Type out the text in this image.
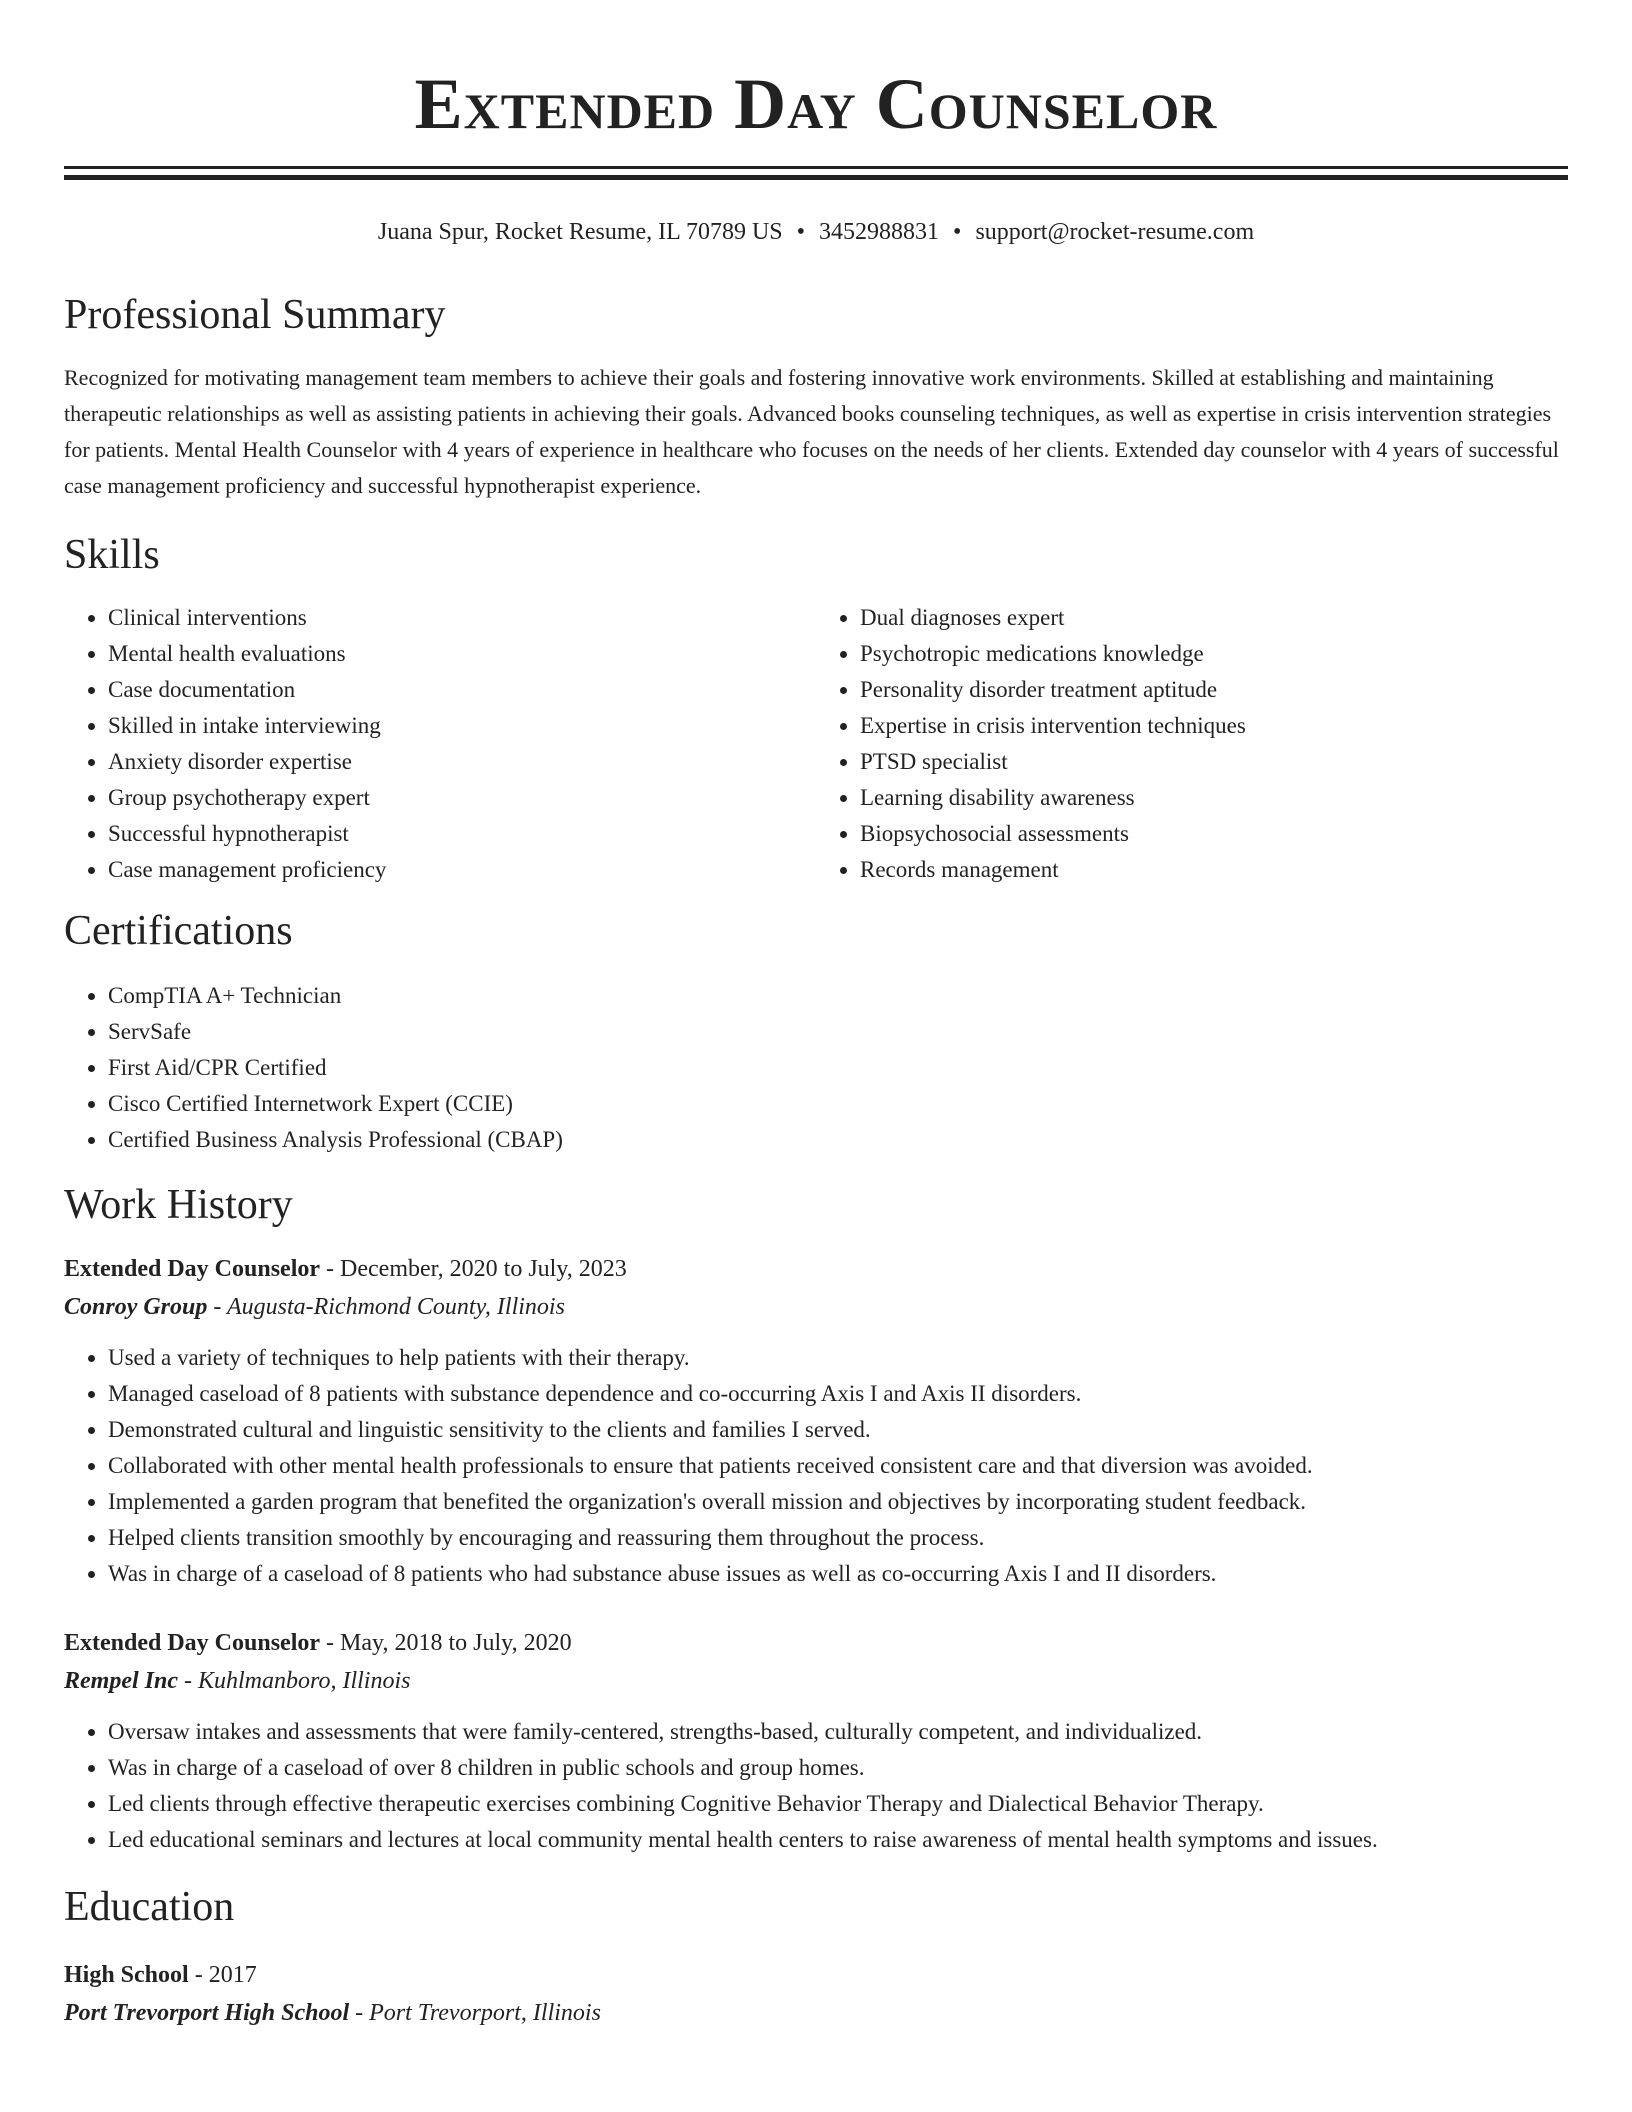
Extended Day Counselor
Juana Spur, Rocket Resume, IL 70789 US • 3452988831 • support@rocket-resume.com
Professional Summary

Recognized for motivating management team members to achieve their goals and fostering innovative work environments. Skilled at establishing and maintaining therapeutic relationships as well as assisting patients in achieving their goals. Advanced books counseling techniques, as well as expertise in crisis intervention strategies for patients. Mental Health Counselor with 4 years of experience in healthcare who focuses on the needs of her clients. Extended day counselor with 4 years of successful case management proficiency and successful hypnotherapist experience.

Skills
• Clinical interventions
• Mental health evaluations
• Case documentation
• Skilled in intake interviewing
• Anxiety disorder expertise
• Group psychotherapy expert
• Successful hypnotherapist
• Case management proficiency
• Dual diagnoses expert
• Psychotropic medications knowledge
• Personality disorder treatment aptitude
• Expertise in crisis intervention techniques
• PTSD specialist
• Learning disability awareness
• Biopsychosocial assessments
• Records management
Certifications
• CompTIA A+ Technician
• ServSafe
• First Aid/CPR Certified
• Cisco Certified Internetwork Expert (CCIE)
• Certified Business Analysis Professional (CBAP)
Work History
Extended Day Counselor - December, 2020 to July, 2023
Conroy Group - Augusta-Richmond County, Illinois
• Used a variety of techniques to help patients with their therapy.
• Managed caseload of 8 patients with substance dependence and co-occurring Axis I and Axis II disorders.
• Demonstrated cultural and linguistic sensitivity to the clients and families I served.
• Collaborated with other mental health professionals to ensure that patients received consistent care and that diversion was avoided.
• Implemented a garden program that benefited the organization's overall mission and objectives by incorporating student feedback.
• Helped clients transition smoothly by encouraging and reassuring them throughout the process.
• Was in charge of a caseload of 8 patients who had substance abuse issues as well as co-occurring Axis I and II disorders.
Extended Day Counselor - May, 2018 to July, 2020
Rempel Inc - Kuhlmanboro, Illinois
• Oversaw intakes and assessments that were family-centered, strengths-based, culturally competent, and individualized.
• Was in charge of a caseload of over 8 children in public schools and group homes.
• Led clients through effective therapeutic exercises combining Cognitive Behavior Therapy and Dialectical Behavior Therapy.
• Led educational seminars and lectures at local community mental health centers to raise awareness of mental health symptoms and issues.
Education
High School - 2017
Port Trevorport High School - Port Trevorport, Illinois
